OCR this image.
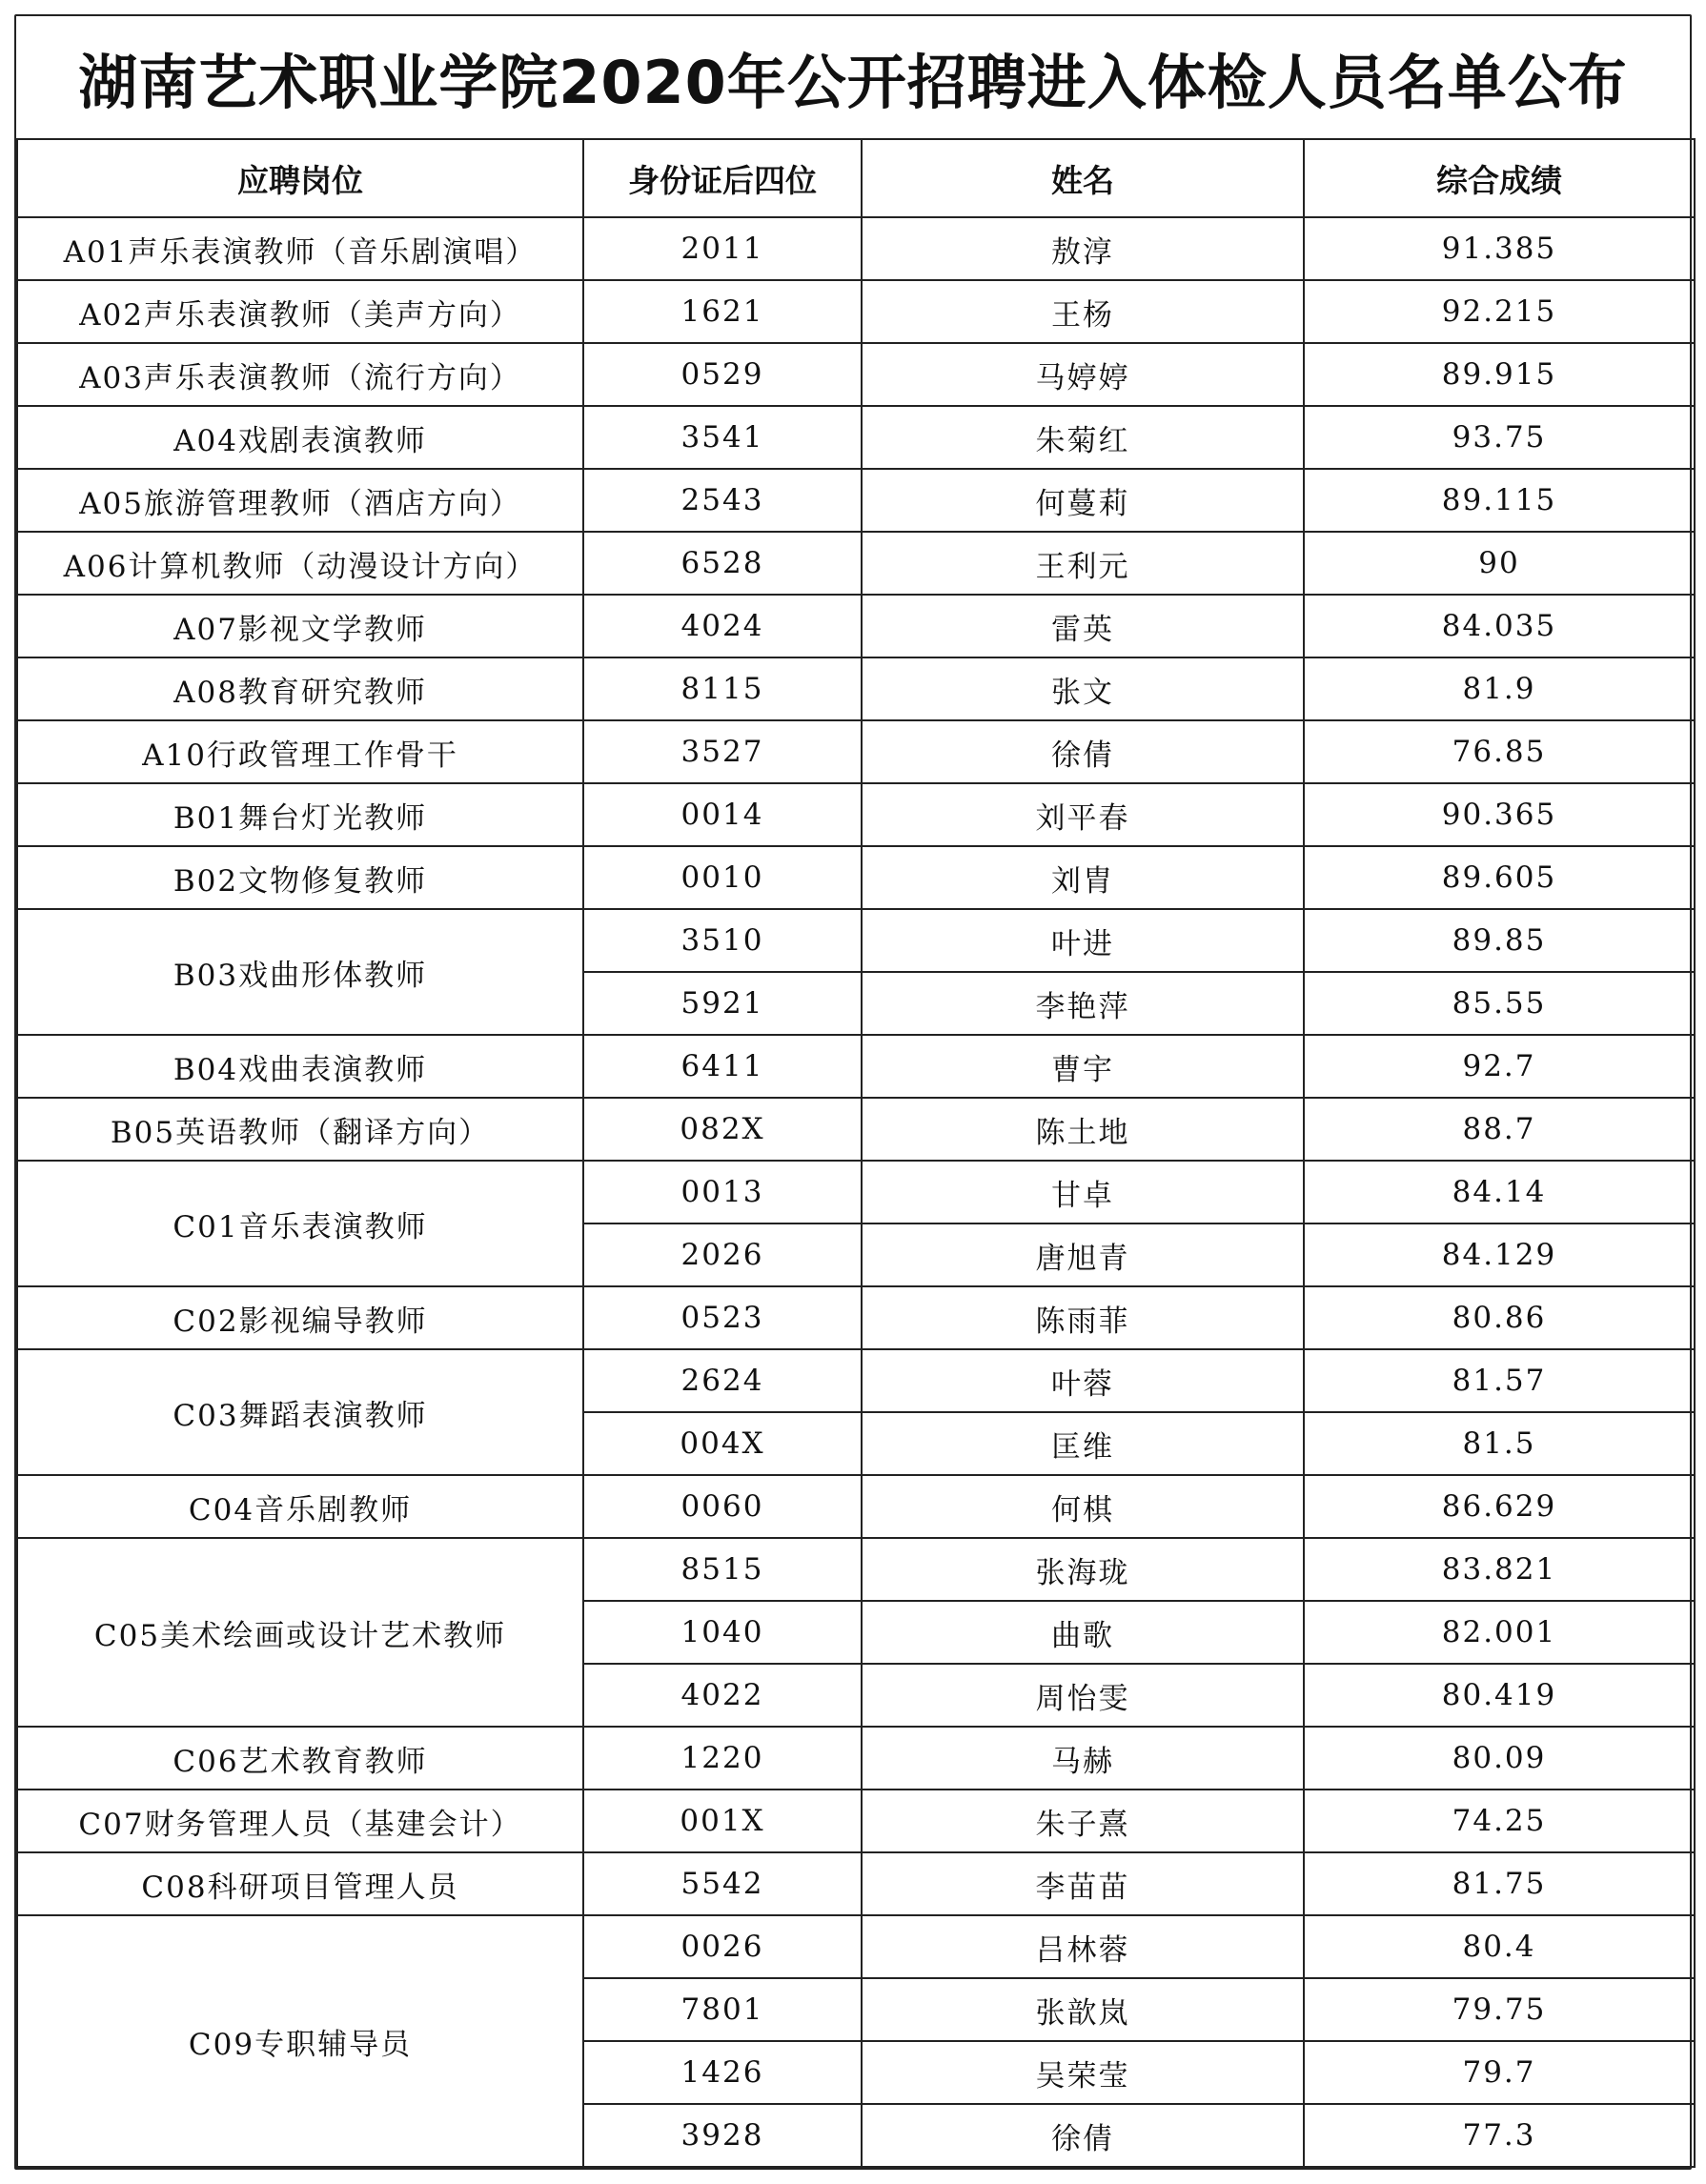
湖南艺术职业学院2020年公开招聘进入体检人员名单公布
应聘岗位	身份证后四位	姓名	综合成绩
A01声乐表演教师（音乐剧演唱）	2011	敖淳	91.385
A02声乐表演教师（美声方向）	1621	王杨	92.215
A03声乐表演教师（流行方向）	0529	马婷婷	89.915
A04戏剧表演教师	3541	朱菊红	93.75
A05旅游管理教师（酒店方向）	2543	何蔓莉	89.115
A06计算机教师（动漫设计方向）	6528	王利元	90
A07影视文学教师	4024	雷英	84.035
A08教育研究教师	8115	张文	81.9
A10行政管理工作骨干	3527	徐倩	76.85
B01舞台灯光教师	0014	刘平春	90.365
B02文物修复教师	0010	刘胄	89.605
B03戏曲形体教师	3510	叶进	89.85
	5921	李艳萍	85.55
B04戏曲表演教师	6411	曹宇	92.7
B05英语教师（翻译方向）	082X	陈土地	88.7
C01音乐表演教师	0013	甘卓	84.14
	2026	唐旭青	84.129
C02影视编导教师	0523	陈雨菲	80.86
C03舞蹈表演教师	2624	叶蓉	81.57
	004X	匡维	81.5
C04音乐剧教师	0060	何棋	86.629
C05美术绘画或设计艺术教师	8515	张海珑	83.821
	1040	曲歌	82.001
	4022	周怡雯	80.419
C06艺术教育教师	1220	马赫	80.09
C07财务管理人员（基建会计）	001X	朱子熹	74.25
C08科研项目管理人员	5542	李苗苗	81.75
C09专职辅导员	0026	吕林蓉	80.4
	7801	张歆岚	79.75
	1426	吴荣莹	79.7
	3928	徐倩	77.3
